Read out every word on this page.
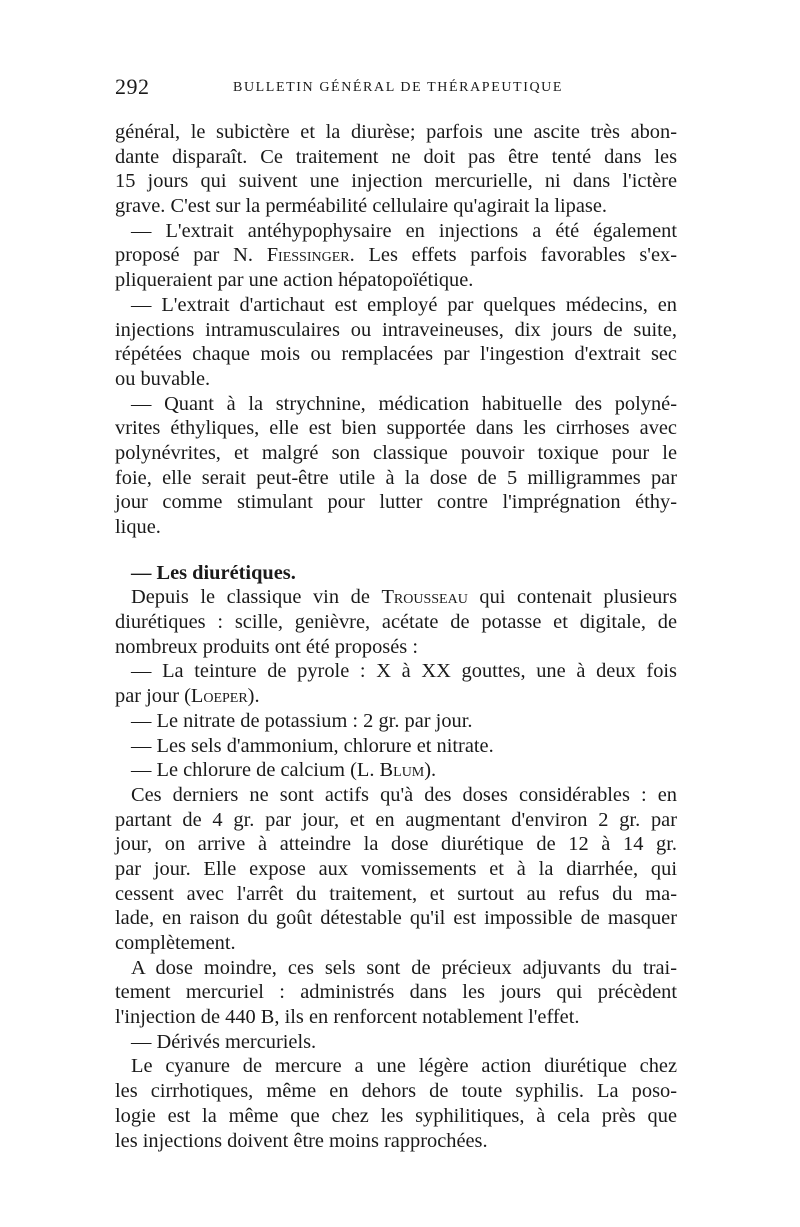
292	BULLETIN GÉNÉRAL DE THÉRAPEUTIQUE
général, le subictère et la diurèse; parfois une ascite très abon-
dante disparaît. Ce traitement ne doit pas être tenté dans les
15 jours qui suivent une injection mercurielle, ni dans l'ictère
grave. C'est sur la perméabilité cellulaire qu'agirait la lipase.
— L'extrait antéhypophysaire en injections a été également
proposé par N. Fiessinger. Les effets parfois favorables s'ex-
pliqueraient par une action hépatopoïétique.
— L'extrait d'artichaut est employé par quelques médecins, en
injections intramusculaires ou intraveineuses, dix jours de suite,
répétées chaque mois ou remplacées par l'ingestion d'extrait sec
ou buvable.
— Quant à la strychnine, médication habituelle des polyné-
vrites éthyliques, elle est bien supportée dans les cirrhoses avec
polynévrites, et malgré son classique pouvoir toxique pour le
foie, elle serait peut-être utile à la dose de 5 milligrammes par
jour comme stimulant pour lutter contre l'imprégnation éthy-
lique.
— Les diurétiques.
Depuis le classique vin de Trousseau qui contenait plusieurs
diurétiques : scille, genièvre, acétate de potasse et digitale, de
nombreux produits ont été proposés :
— La teinture de pyrole : X à XX gouttes, une à deux fois
par jour (Loeper).
— Le nitrate de potassium : 2 gr. par jour.
— Les sels d'ammonium, chlorure et nitrate.
— Le chlorure de calcium (L. Blum).
Ces derniers ne sont actifs qu'à des doses considérables : en
partant de 4 gr. par jour, et en augmentant d'environ 2 gr. par
jour, on arrive à atteindre la dose diurétique de 12 à 14 gr.
par jour. Elle expose aux vomissements et à la diarrhée, qui
cessent avec l'arrêt du traitement, et surtout au refus du ma-
lade, en raison du goût détestable qu'il est impossible de masquer
complètement.
A dose moindre, ces sels sont de précieux adjuvants du trai-
tement mercuriel : administrés dans les jours qui précèdent
l'injection de 440 B, ils en renforcent notablement l'effet.
— Dérivés mercuriels.
Le cyanure de mercure a une légère action diurétique chez
les cirrhotiques, même en dehors de toute syphilis. La poso-
logie est la même que chez les syphilitiques, à cela près que
les injections doivent être moins rapprochées.
